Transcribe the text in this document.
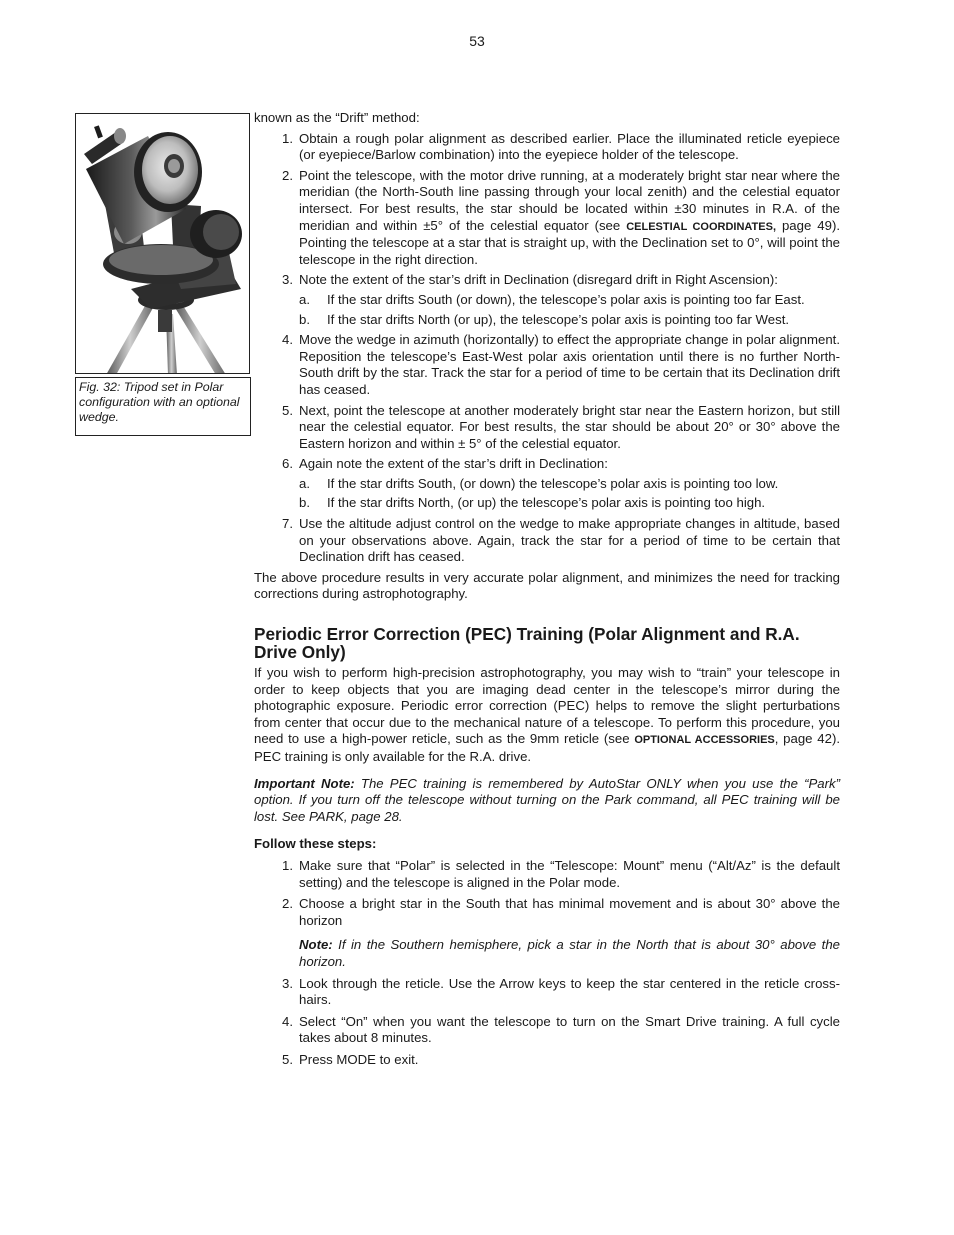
53
Fig. 32: Tripod set in Polar configuration with an optional wedge.

known as the “Drift” method:

1. Obtain a rough polar alignment as described earlier. Place the illuminated reticle eyepiece (or eyepiece/Barlow combination) into the eyepiece holder of the telescope.
2. Point the telescope, with the motor drive running, at a moderately bright star near where the meridian (the North-South line passing through your local zenith) and the celestial equator intersect. For best results, the star should be located within ±30 minutes in R.A. of the meridian and within ±5° of the celestial equator (see CELESTIAL COORDINATES, page 49). Pointing the telescope at a star that is straight up, with the Declination set to 0°, will point the telescope in the right direction.
3. Note the extent of the star’s drift in Declination (disregard drift in Right Ascension):
a. If the star drifts South (or down), the telescope’s polar axis is pointing too far East.
b. If the star drifts North (or up), the telescope’s polar axis is pointing too far West.
4. Move the wedge in azimuth (horizontally) to effect the appropriate change in polar alignment. Reposition the telescope’s East-West polar axis orientation until there is no further North-South drift by the star. Track the star for a period of time to be certain that its Declination drift has ceased.
5. Next, point the telescope at another moderately bright star near the Eastern horizon, but still near the celestial equator. For best results, the star should be about 20° or 30° above the Eastern horizon and within ± 5° of the celestial equator.
6. Again note the extent of the star’s drift in Declination:
a. If the star drifts South, (or down) the telescope’s polar axis is pointing too low.
b. If the star drifts North, (or up) the telescope’s polar axis is pointing too high.
7. Use the altitude adjust control on the wedge to make appropriate changes in altitude, based on your observations above. Again, track the star for a period of time to be certain that Declination drift has ceased.

The above procedure results in very accurate polar alignment, and minimizes the need for tracking corrections during astrophotography.

Periodic Error Correction (PEC) Training (Polar Alignment and R.A. Drive Only)

If you wish to perform high-precision astrophotography, you may wish to “train” your telescope in order to keep objects that you are imaging dead center in the telescope’s mirror during the photographic exposure. Periodic error correction (PEC) helps to remove the slight perturbations from center that occur due to the mechanical nature of a telescope. To perform this procedure, you need to use a high-power reticle, such as the 9mm reticle (see OPTIONAL ACCESSORIES, page 42). PEC training is only available for the R.A. drive.

Important Note: The PEC training is remembered by AutoStar ONLY when you use the “Park” option. If you turn off the telescope without turning on the Park command, all PEC training will be lost. See PARK, page 28.

Follow these steps:

1. Make sure that “Polar” is selected in the “Telescope: Mount” menu (“Alt/Az” is the default setting) and the telescope is aligned in the Polar mode.
2. Choose a bright star in the South that has minimal movement and is about 30° above the horizon
Note: If in the Southern hemisphere, pick a star in the North that is about 30° above the horizon.
3. Look through the reticle. Use the Arrow keys to keep the star centered in the reticle cross-hairs.
4. Select “On” when you want the telescope to turn on the Smart Drive training. A full cycle takes about 8 minutes.
5. Press MODE to exit.
